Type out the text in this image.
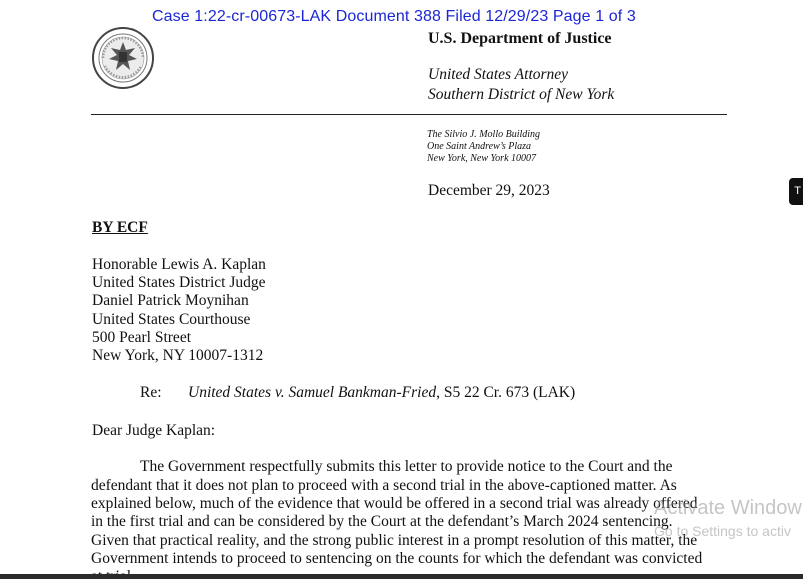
Case 1:22-cr-00673-LAK Document 388 Filed 12/29/23 Page 1 of 3
U.S. Department of Justice
United States Attorney
Southern District of New York
The Silvio J. Mollo Building
One Saint Andrew’s Plaza
New York, New York 10007
December 29, 2023
BY ECF
Honorable Lewis A. Kaplan
United States District Judge
Daniel Patrick Moynihan
United States Courthouse
500 Pearl Street
New York, NY 10007-1312
Re: United States v. Samuel Bankman-Fried, S5 22 Cr. 673 (LAK)
Dear Judge Kaplan:
The Government respectfully submits this letter to provide notice to the Court and the
defendant that it does not plan to proceed with a second trial in the above-captioned matter. As
explained below, much of the evidence that would be offered in a second trial was already offered
in the first trial and can be considered by the Court at the defendant’s March 2024 sentencing.
Given that practical reality, and the strong public interest in a prompt resolution of this matter, the
Government intends to proceed to sentencing on the counts for which the defendant was convicted
T
Activate Window
Go to Settings to activ
